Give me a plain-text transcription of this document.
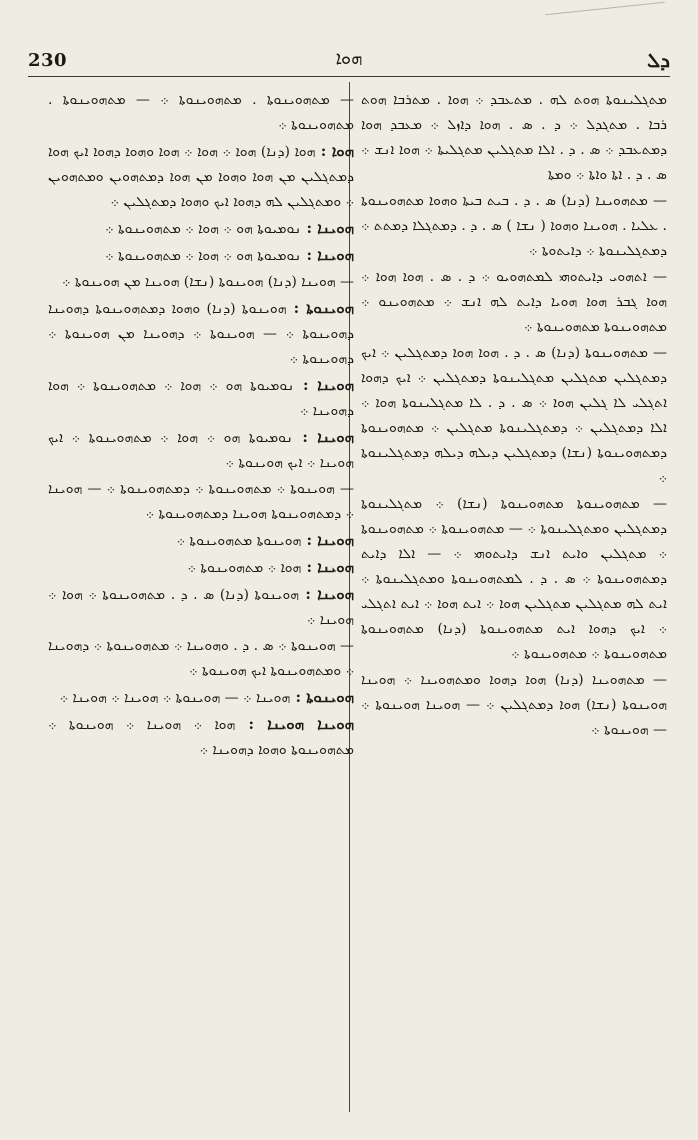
230	ܗܘܐ	ܕܠ

ܡܬܓܠܝܢܘܬܐ ܗܘܬ ܠܗ . ܡܬܥܒܕ ܀ ܗܘܐ . ܡܬܪܒܐ ܗܘܬ ܪܒܐ . ܡܬܓܕܠ ܀ ܕ . ܣ . ܗܘܐ ܕܐܙܠ ܀ ܡܥܒܕ ܗܘܐ ܕܡܬܥܒܕ ܀ ܣ . ܕ . ܐܠܐ ܡܬܓܠܝܢ ܡܬܓܠܝܬܐ ܀ ܗܘܐ ܐܢܫ ܀ ܣ . ܕ . ܐܬܐ ܘܐܬܐ ܀ ܘܡܬܐ

— ܡܬܗܘܝܢܐ (ܕܢܐ) ܣ . ܕ . ܒܝܬ ܒܝܬܐ ܘܗܘܐ ܡܬܗܘܝܢܘܬܐ . ܥܠܝܐ . ܗܘܝܢܐ ܘܗܘܐ ( ܢܫܐ ) ܣ . ܕ . ܕܡܬܓܠܐ ܕܡܬܬ ܀ ܕܡܬܓܠܝܢܘܬܐ ܀ ܕܐܝܬܘܬܐ ܀

— ܐܬܗܘܝ ܕܐܝܬܘܗܝ ܠܡܬܗܘܝܘ ܀ ܕ . ܣ . ܗܘܐ ܗܘܐ ܀ ܗܘܐ ܓܒܪ ܗܘܐ ܗܘܝܐ ܕܐܝܬ ܠܗ ܐܢܫ ܀ ܡܬܗܘܝܢܘ ܀ ܡܬܗܘܝܢܘܬܐ ܡܬܗܘܝܢܘܬܐ ܀

— ܡܬܗܘܝܢܘܬܐ (ܕܢܐ) ܣ . ܕ . ܗܘܐ ܗܘܐ ܕܡܬܓܠܝܢ ܀ ܐܝܟ ܕܡܬܓܠܝܢ ܡܬܓܠܝܢ ܡܬܓܠܝܢܘܬܐ ܕܡܬܓܠܝܢ ܀ ܐܝܟ ܕܗܘܐ ܐܬܓܠܝ ܠܐ ܓܠܝܢ ܗܘܐ ܀ ܣ . ܕ . ܠܐ ܡܬܓܠܝܢܘܬܐ ܗܘܐ ܀ ܐܠܐ ܕܡܬܓܠܝܢ ܀ ܕܡܬܓܠܝܢܘܬܐ ܡܬܓܠܝܢ ܀ ܡܬܗܘܝܢܘܬܐ ܕܡܬܗܘܝܢܘܬܐ (ܢܫܐ) ܕܡܬܓܠܝܢ ܕܝܠܗ ܕܝܠܗ ܕܡܬܓܠܝܢܘܬܐ ܀

— ܡܬܗܘܝܢܘܬܐ ܡܬܗܘܝܢܘܬܐ (ܢܫܐ) ܀ ܡܬܓܠܝܢܘܬܐ ܕܡܬܓܠܝܢ ܘܡܬܓܠܝܢܘܬܐ ܀ — ܡܬܗܘܝܢܘܬܐ ܀ ܡܬܗܘܝܢܘܬܐ ܀ ܡܬܓܠܝܢ ܘܐܝܬ ܐܢܫ ܕܐܝܬܘܗܝ ܀ — ܐܠܐ ܕܐܝܬ ܕܡܬܗܘܝܢܘܬܐ ܀ ܣ . ܕ . ܠܡܬܗܘܝܢܘܬܐ ܘܡܬܓܠܝܢܘܬܐ ܀ ܐܝܬ ܠܗ ܡܬܓܠܝܢ ܡܬܓܠܝܢ ܗܘܐ ܀ ܐܝܬ ܗܘܐ ܀ ܐܝܬ ܐܬܓܠܝ ܀ ܐܝܟ ܕܗܘܐ ܐܝܬ ܡܬܗܘܝܢܘܬܐ (ܕܢܐ) ܡܬܗܘܝܢܘܬܐ ܡܬܗܘܝܢܘܬܐ ܀ ܡܬܗܘܝܢܘܬܐ ܀

— ܡܬܗܘܝܢܐ (ܕܢܐ) ܗܘܐ ܕܗܘܐ ܘܡܬܗܘܝܢܐ ܀ ܗܘܝܢܐ ܗܘܝܢܘܬܐ (ܢܫܐ) ܗܘܐ ܕܡܬܓܠܝܢ ܀ — ܗܘܝܢܐ ܗܘܝܢܘܬܐ ܀ — ܗܘܝܢܘܬܐ ܀

— ܡܬܗܘܝܢܘܬܐ . ܡܬܗܘܝܢܘܬܐ ܀ — ܡܬܗܘܝܢܘܬܐ . ܡܬܗܘܝܢܘܬܐ ܀

ܗܘܐ : ܗܘܐ (ܕܢܐ) ܗܘܐ ܀ ܗܘܐ ܀ ܗܘܐ ܘܗܘܐ ܕܗܘܐ ܐܝܟ ܗܘܐ ܕܡܬܓܠܝܢ ܡܢ ܗܘܐ ܘܗܘܐ ܡܢ ܗܘܐ ܕܡܬܗܘܝܢ ܘܡܬܗܘܝܢ ܀ ܘܡܬܓܠܝܢ ܠܗ ܕܗܘܐ ܐܝܟ ܘܗܘܐ ܕܡܬܓܠܝܢ ܀

ܗܘܝܢܐ : ܢܘܡܝܘܬܐ ܗܘ ܀ ܗܘܐ ܀ ܡܬܗܘܝܢܘܬܐ ܀

ܗܘܝܢܐ : ܢܘܡܝܘܬܐ ܗܘ ܀ ܗܘܐ ܀ ܡܬܗܘܝܢܘܬܐ ܀

— ܗܘܝܢܐ (ܕܢܐ) ܗܘܝܢܘܬܐ (ܢܫܐ) ܗܘܝܢܐ ܡܢ ܗܘܝܢܘܬܐ ܀

ܗܘܝܢܘܬܐ : ܗܘܝܢܘܬܐ (ܕܢܐ) ܘܗܘܐ ܕܡܬܗܘܝܢܘܬܐ ܕܗܘܝܢܐ ܕܗܘܝܢܘܬܐ ܀ — ܗܘܝܢܘܬܐ ܀ ܕܗܘܝܢܐ ܡܢ ܗܘܝܢܘܬܐ ܀ ܕܗܘܝܢܘܬܐ ܀

ܗܘܝܢܐ : ܢܘܡܝܘܬܐ ܗܘ ܀ ܗܘܐ ܀ ܡܬܗܘܝܢܘܬܐ ܀ ܗܘܐ ܕܗܘܝܢܐ ܀

ܗܘܝܢܐ : ܢܘܡܝܘܬܐ ܗܘ ܀ ܗܘܐ ܀ ܡܬܗܘܝܢܘܬܐ ܀ ܐܝܟ ܗܘܝܢܐ ܀ ܐܝܟ ܗܘܝܢܘܬܐ ܀

— ܗܘܝܢܘܬܐ ܀ ܡܬܗܘܝܢܘܬܐ ܀ ܕܡܬܗܘܝܢܘܬܐ ܀ — ܗܘܝܢܐ ܀ ܕܡܬܗܘܝܢܘܬܐ ܗܘܝܢܐ ܕܡܬܗܘܝܢܘܬܐ ܀

ܗܘܝܢܐ : ܗܘܝܢܘܬܐ ܡܬܗܘܝܢܘܬܐ ܀

ܗܘܝܢܐ : ܗܘܐ ܀ ܡܬܗܘܝܢܘܬܐ ܀

ܗܘܝܢܐ : ܗܘܝܢܘܬܐ (ܕܢܐ) ܣ . ܕ . ܡܬܗܘܝܢܘܬܐ ܀ ܗܘܐ ܀ ܗܘܝܢܐ ܀

— ܗܘܝܢܘܬܐ ܀ ܣ . ܕ . ܘܗܘܝܢܐ ܀ ܡܬܗܘܝܢܘܬܐ ܀ ܕܗܘܝܢܐ ܀ ܘܡܬܗܘܝܢܘܬܐ ܐܝܟ ܗܘܝܢܘܬܐ ܀

ܗܘܝܢܘܬܐ : ܗܘܝܢܐ ܀ — ܗܘܝܢܘܬܐ ܀ ܗܘܝܢܐ ܀ ܗܘܝܢܐ ܀

ܗܘܝܢܐ ܗܘܝܢܐ : ܗܘܐ ܀ ܗܘܝܢܐ ܀ ܗܘܝܢܘܬܐ ܀ ܡܬܗܘܝܢܘܬܐ ܘܗܘܐ ܕܗܘܝܢܐ ܀
